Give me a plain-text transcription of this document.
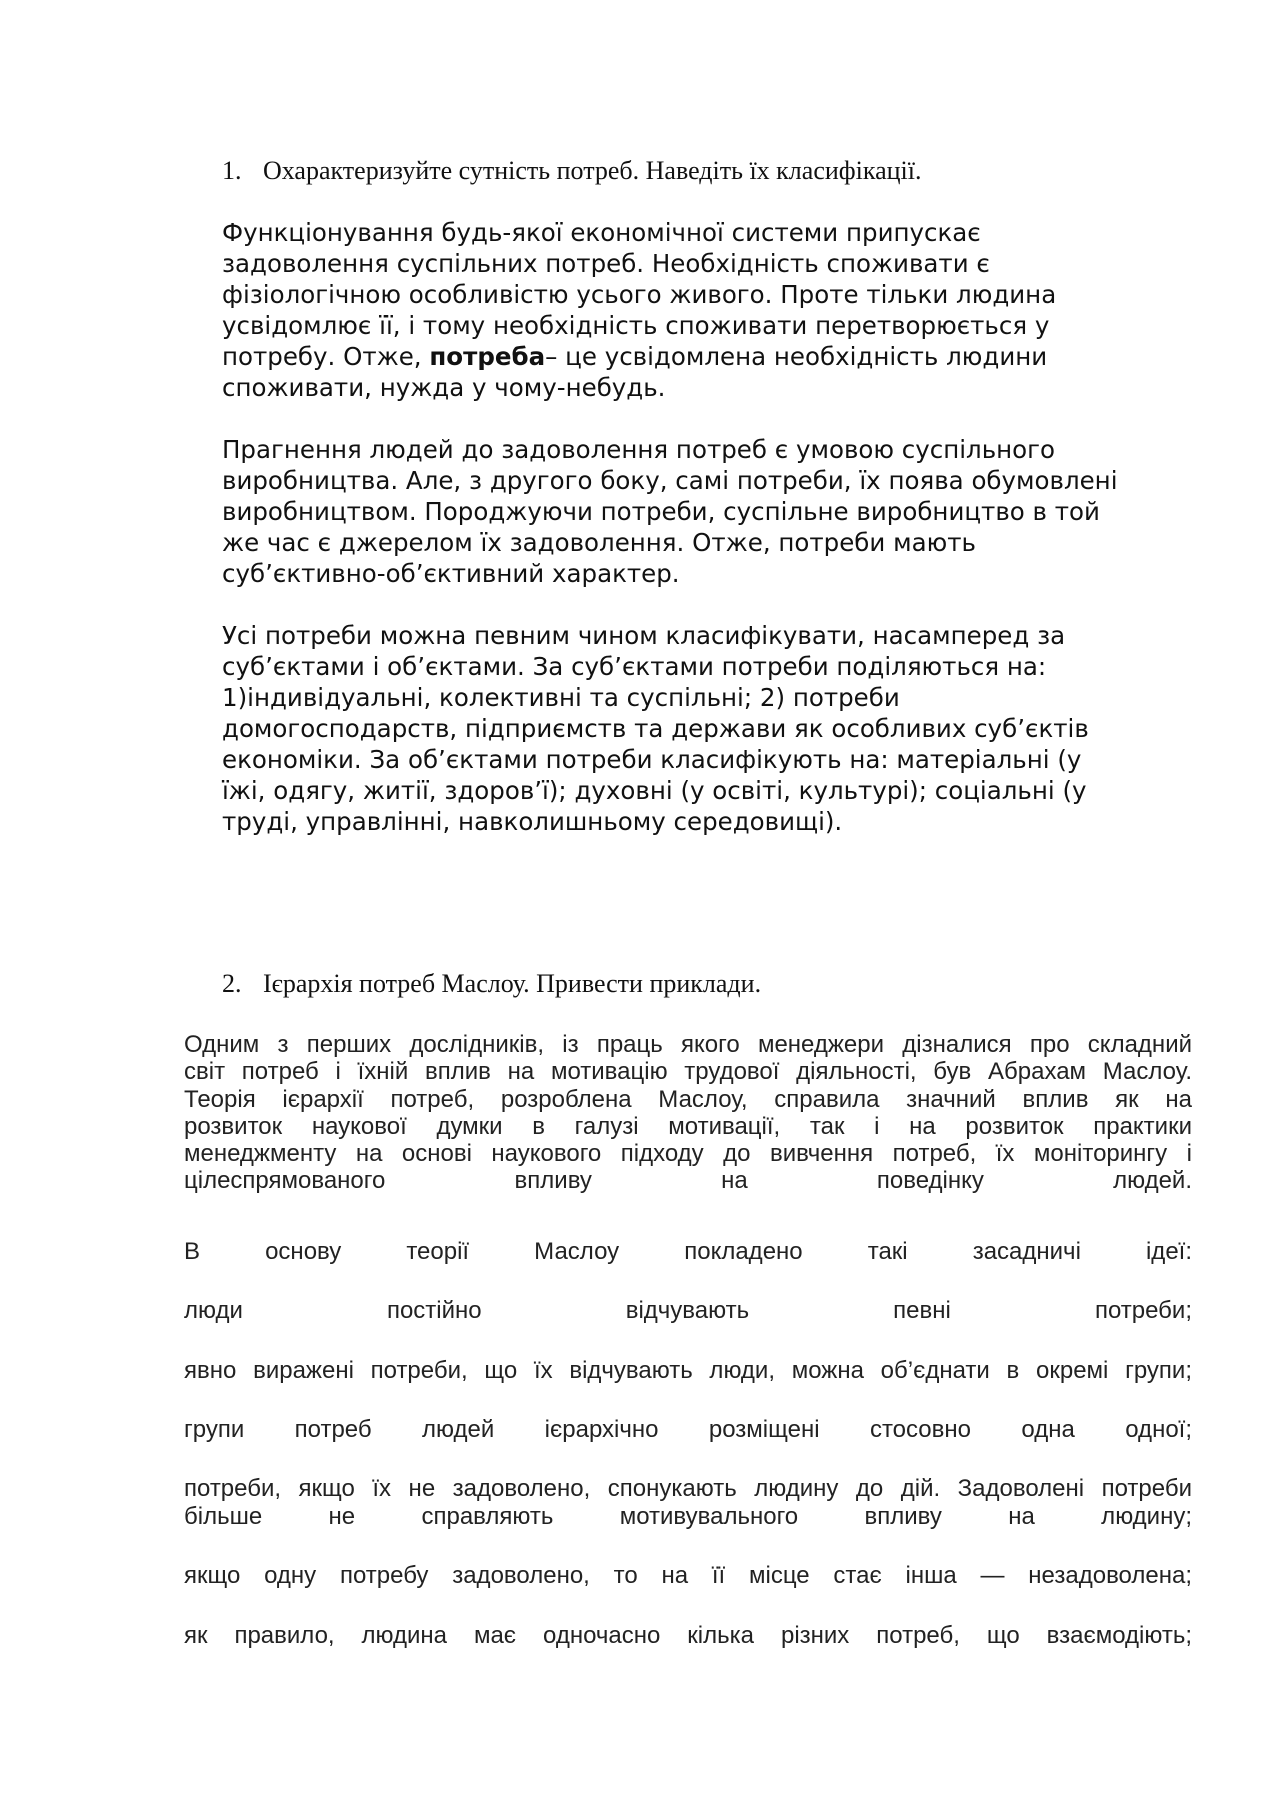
1. Охарактеризуйте сутність потреб. Наведіть їх класифікації.

Функціонування будь-якої економічної системи припускає задоволення суспільних потреб. Необхідність споживати є фізіологічною особливістю усього живого. Проте тільки людина усвідомлює її, і тому необхідність споживати перетворюється у потребу. Отже, потреба– це усвідомлена необхідність людини споживати, нужда у чому-небудь.

Прагнення людей до задоволення потреб є умовою суспільного виробництва. Але, з другого боку, самі потреби, їх поява обумовлені виробництвом. Породжуючи потреби, суспільне виробництво в той же час є джерелом їх задоволення. Отже, потреби мають суб’єктивно-об’єктивний характер.

Усі потреби можна певним чином класифікувати, насамперед за суб’єктами і об’єктами. За суб’єктами потреби поділяються на: 1)індивідуальні, колективні та суспільні; 2) потреби домогосподарств, підприємств та держави як особливих суб’єктів економіки. За об’єктами потреби класифікують на: матеріальні (у їжі, одягу, житії, здоров’ї); духовні (у освіті, культурі); соціальні (у труді, управлінні, навколишньому середовищі).

2. Ієрархія потреб Маслоу. Привести приклади.

Одним з перших дослідників, із праць якого менеджери дізналися про складний

світ потреб і їхній вплив на мотивацію трудової діяльності, був Абрахам Маслоу.

Теорія ієрархії потреб, розроблена Маслоу, справила значний вплив як на

розвиток наукової думки в галузі мотивації, так і на розвиток практики

менеджменту на основі наукового підходу до вивчення потреб, їх моніторингу і

цілеспрямованого впливу на поведінку людей.

В основу теорії Маслоу покладено такі засадничі ідеї:

люди постійно відчувають певні потреби;

явно виражені потреби, що їх відчувають люди, можна об’єднати в окремі групи;

групи потреб людей ієрархічно розміщені стосовно одна одної;

потреби, якщо їх не задоволено, спонукають людину до дій. Задоволені потреби

більше не справляють мотивувального впливу на людину;

якщо одну потребу задоволено, то на її місце стає інша — незадоволена;

як правило, людина має одночасно кілька різних потреб, що взаємодіють;
